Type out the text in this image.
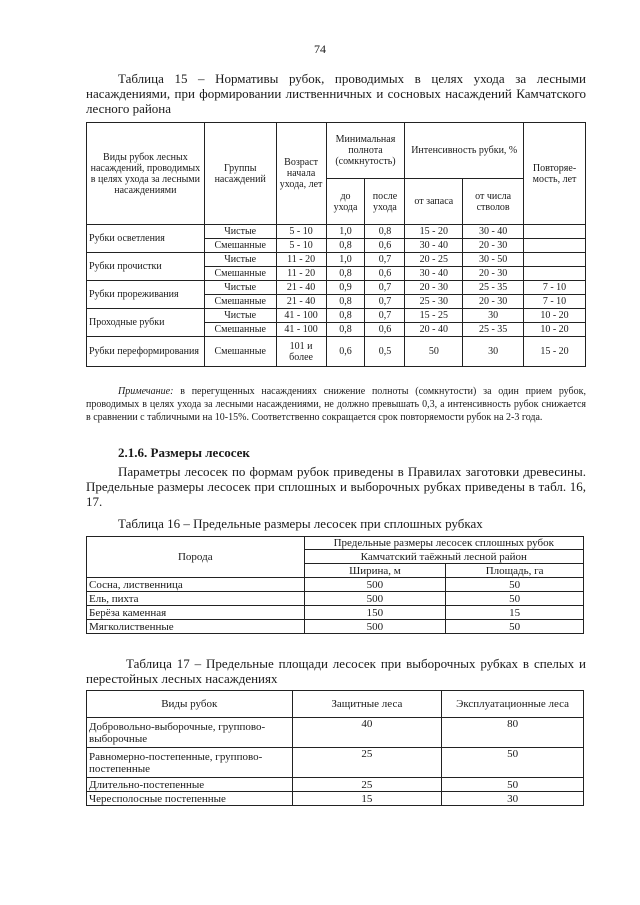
74
Таблица 15 – Нормативы рубок, проводимых в целях ухода за лесными насаждениями, при формировании лиственничных и сосновых насаждений Камчатского лесного района
Виды рубок лесных насаждений, проводимых в целях ухода за лесными насаждениями	Группы насаждений	Возраст начала ухода, лет	Минимальная полнота (сомкнутость)		Интенсивность рубки, %		Повторяе-мость, лет
			до ухода	после ухода	от запаса	от числа стволов	
Рубки осветления	Чистые	5 - 10	1,0	0,8	15 - 20	30 - 40	
	Смешанные	5 - 10	0,8	0,6	30 - 40	20 - 30	
Рубки прочистки	Чистые	11 - 20	1,0	0,7	20 - 25	30 - 50	
	Смешанные	11 - 20	0,8	0,6	30 - 40	20 - 30	
Рубки прореживания	Чистые	21 - 40	0,9	0,7	20 - 30	25 - 35	7 - 10
	Смешанные	21 - 40	0,8	0,7	25 - 30	20 - 30	7 - 10
Проходные рубки	Чистые	41 - 100	0,8	0,7	15 - 25	30	10 - 20
	Смешанные	41 - 100	0,8	0,6	20 - 40	25 - 35	10 - 20
Рубки переформирования	Смешанные	101 и более	0,6	0,5	50	30	15 - 20
Примечание: в перегущенных насаждениях снижение полноты (сомкнутости) за один прием рубок, проводимых в целях ухода за лесными насаждениями, не должно превышать 0,3, а интенсивность рубок снижается в сравнении с табличными на 10-15%. Соответственно сокращается срок повторяемости рубок на 2-3 года.
2.1.6. Размеры лесосек
Параметры лесосек по формам рубок приведены в Правилах заготовки древесины. Предельные размеры лесосек при сплошных и выборочных рубках приведены в табл. 16, 17.
Таблица 16 – Предельные размеры лесосек при сплошных рубках
Порода	Предельные размеры лесосек сплошных рубок	
	Камчатский таёжный лесной район	
	Ширина, м	Площадь, га
Сосна, лиственница	500	50
Ель, пихта	500	50
Берёза каменная	150	15
Мягколиственные	500	50
Таблица 17 – Предельные площади лесосек при выборочных рубках в спелых и перестойных лесных насаждениях
Виды рубок	Защитные леса	Эксплуатационные леса
Добровольно-выборочные, группово-выборочные	40	80
Равномерно-постепенные, группово-постепенные	25	50
Длительно-постепенные	25	50
Чересполосные постепенные	15	30
